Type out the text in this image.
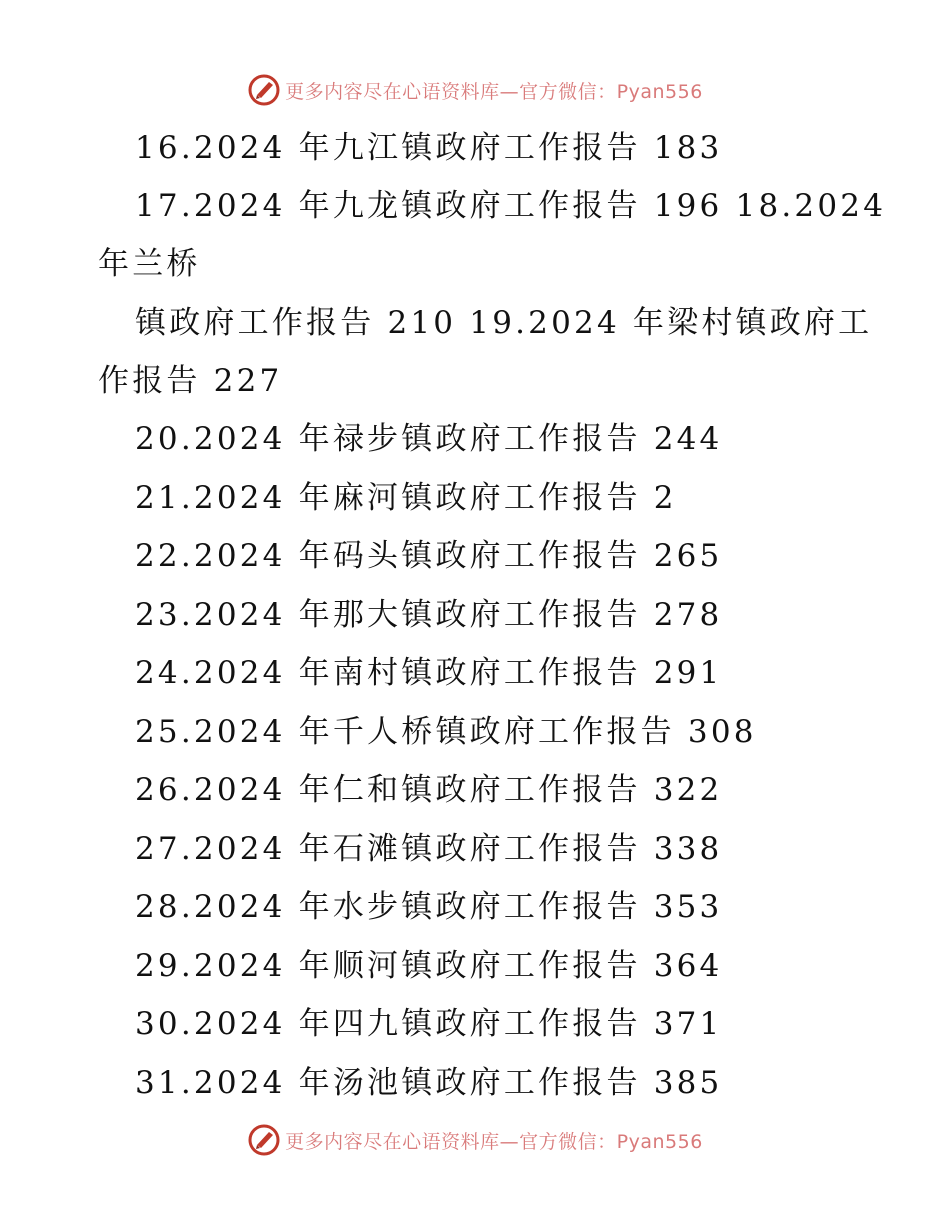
更多内容尽在心语资料库—官方微信：Pyan556
16.2024 年九江镇政府工作报告 183
17.2024 年九龙镇政府工作报告 196 18.2024
年兰桥
镇政府工作报告 210 19.2024 年梁村镇政府工
作报告 227
20.2024 年禄步镇政府工作报告 244
21.2024 年麻河镇政府工作报告 2
22.2024 年码头镇政府工作报告 265
23.2024 年那大镇政府工作报告 278
24.2024 年南村镇政府工作报告 291
25.2024 年千人桥镇政府工作报告 308
26.2024 年仁和镇政府工作报告 322
27.2024 年石滩镇政府工作报告 338
28.2024 年水步镇政府工作报告 353
29.2024 年顺河镇政府工作报告 364
30.2024 年四九镇政府工作报告 371
31.2024 年汤池镇政府工作报告 385
更多内容尽在心语资料库—官方微信：Pyan556
